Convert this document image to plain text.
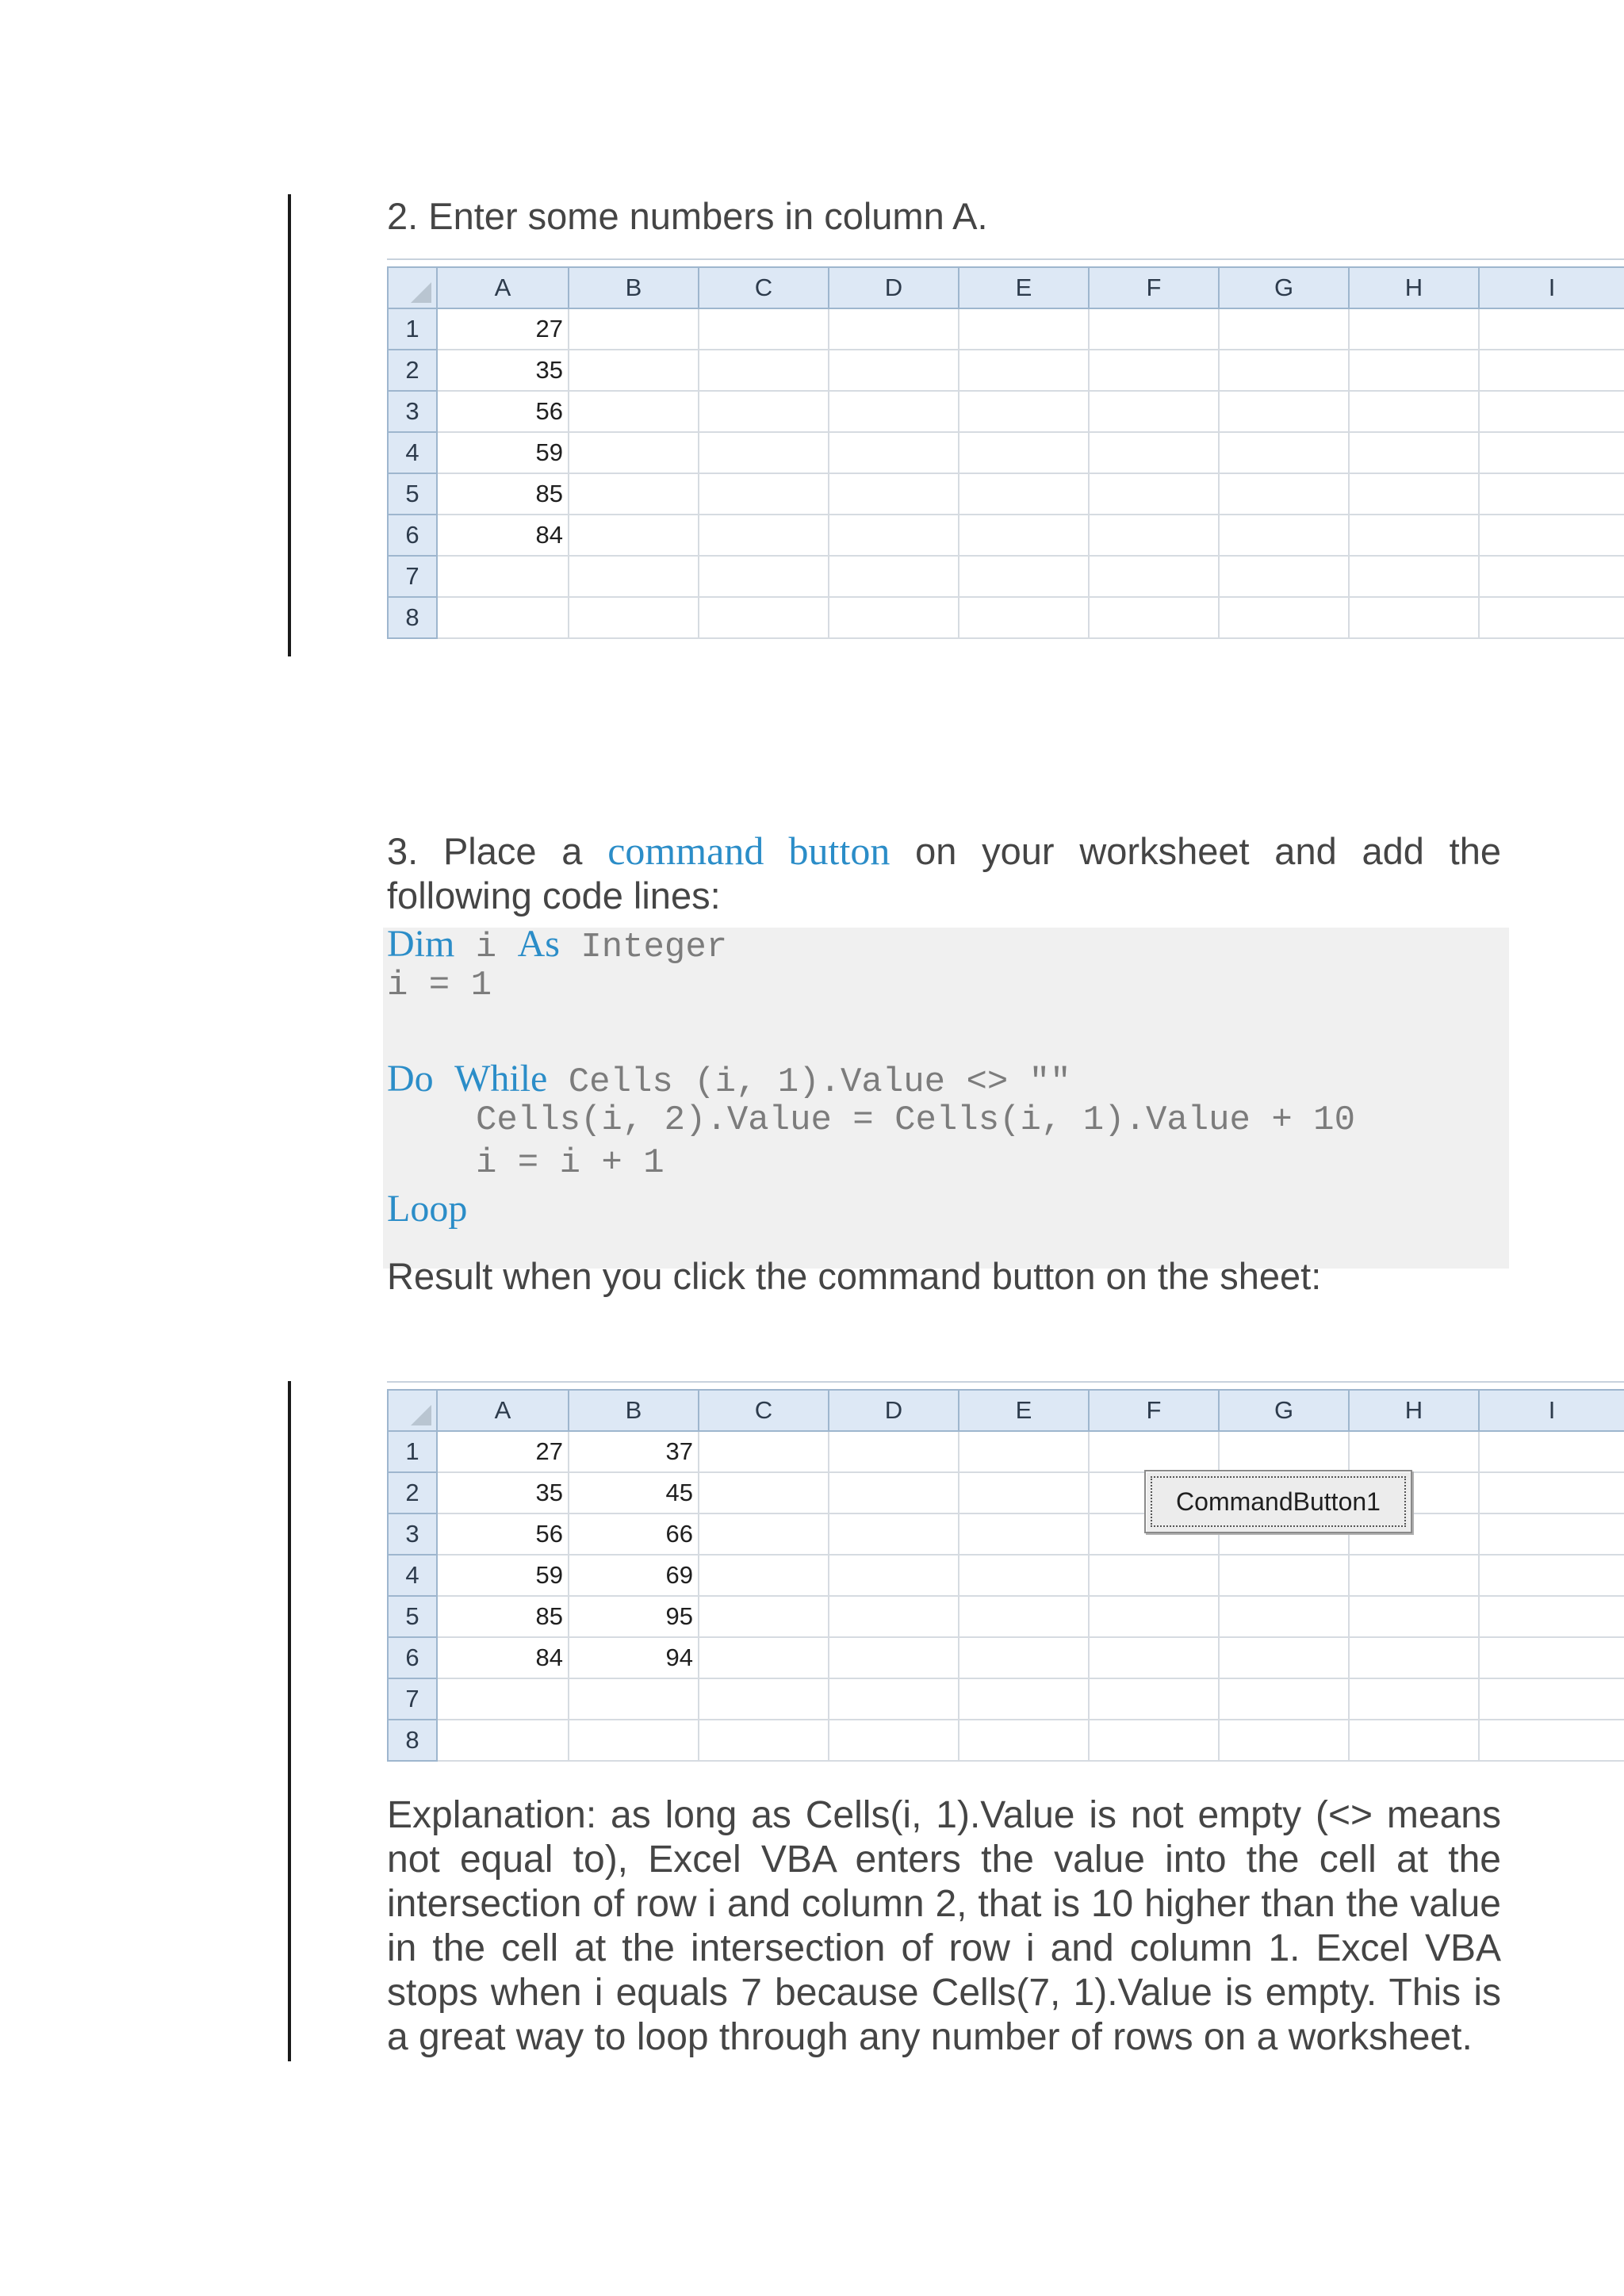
2. Enter some numbers in column A.
	A	B	C	D	E	F	G	H	I
1	27								
2	35								
3	56								
4	59								
5	85								
6	84								
7									
8									
3. Place a command button on your worksheet and add the following code lines:
Dim i As Integer
i = 1
Do While Cells (i, 1).Value <> ""
Cells(i, 2).Value = Cells(i, 1).Value + 10
i = i + 1
Loop
Result when you click the command button on the sheet:
	A	B	C	D	E	F	G	H	I
1	27	37							
2	35	45							
3	56	66							
4	59	69							
5	85	95							
6	84	94							
7									
8									
CommandButton1
Explanation: as long as Cells(i, 1).Value is not empty (<> means not equal to), Excel VBA enters the value into the cell at the intersection of row i and column 2, that is 10 higher than the value in the cell at the intersection of row i and column 1. Excel VBA stops when i equals 7 because Cells(7, 1).Value is empty. This is a great way to loop through any number of rows on a worksheet.
